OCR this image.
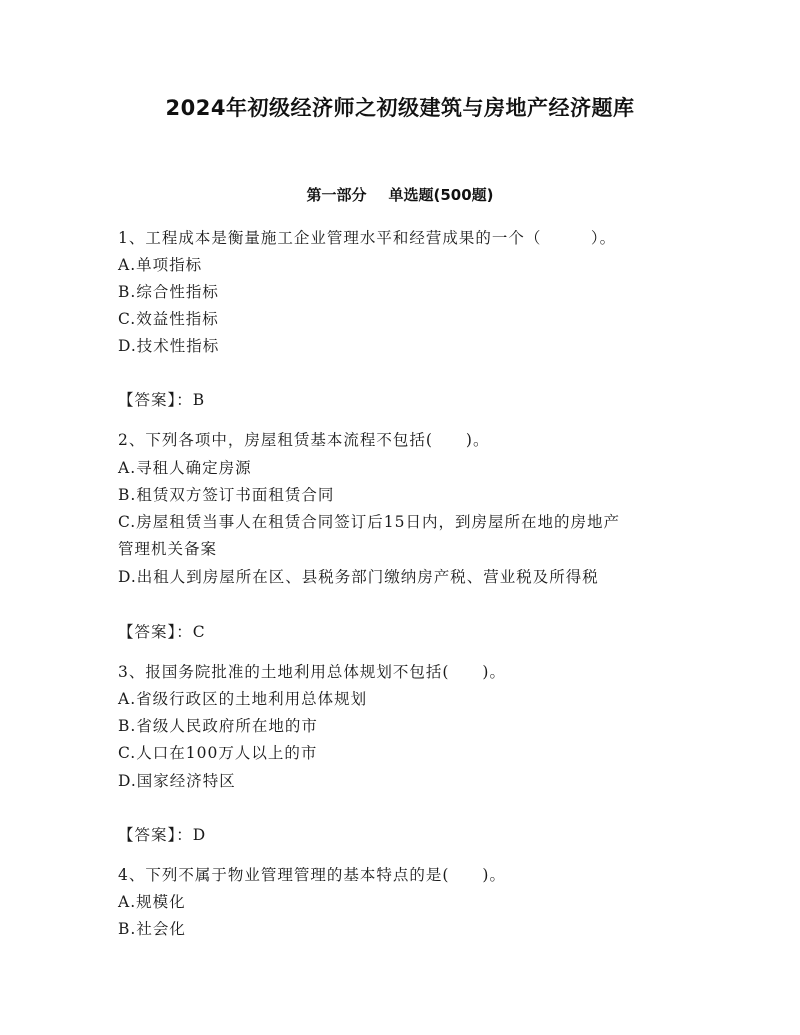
2024年初级经济师之初级建筑与房地产经济题库
第一部分 单选题(500题)
1、工程成本是衡量施工企业管理水平和经营成果的一个（　　　）。
A.单项指标
B.综合性指标
C.效益性指标
D.技术性指标
【答案】：B
2、下列各项中，房屋租赁基本流程不包括(　　)。
A.寻租人确定房源
B.租赁双方签订书面租赁合同
C.房屋租赁当事人在租赁合同签订后15日内，到房屋所在地的房地产
管理机关备案
D.出租人到房屋所在区、县税务部门缴纳房产税、营业税及所得税
【答案】：C
3、报国务院批准的土地利用总体规划不包括(　　)。
A.省级行政区的土地利用总体规划
B.省级人民政府所在地的市
C.人口在100万人以上的市
D.国家经济特区
【答案】：D
4、下列不属于物业管理管理的基本特点的是(　　)。
A.规模化
B.社会化
